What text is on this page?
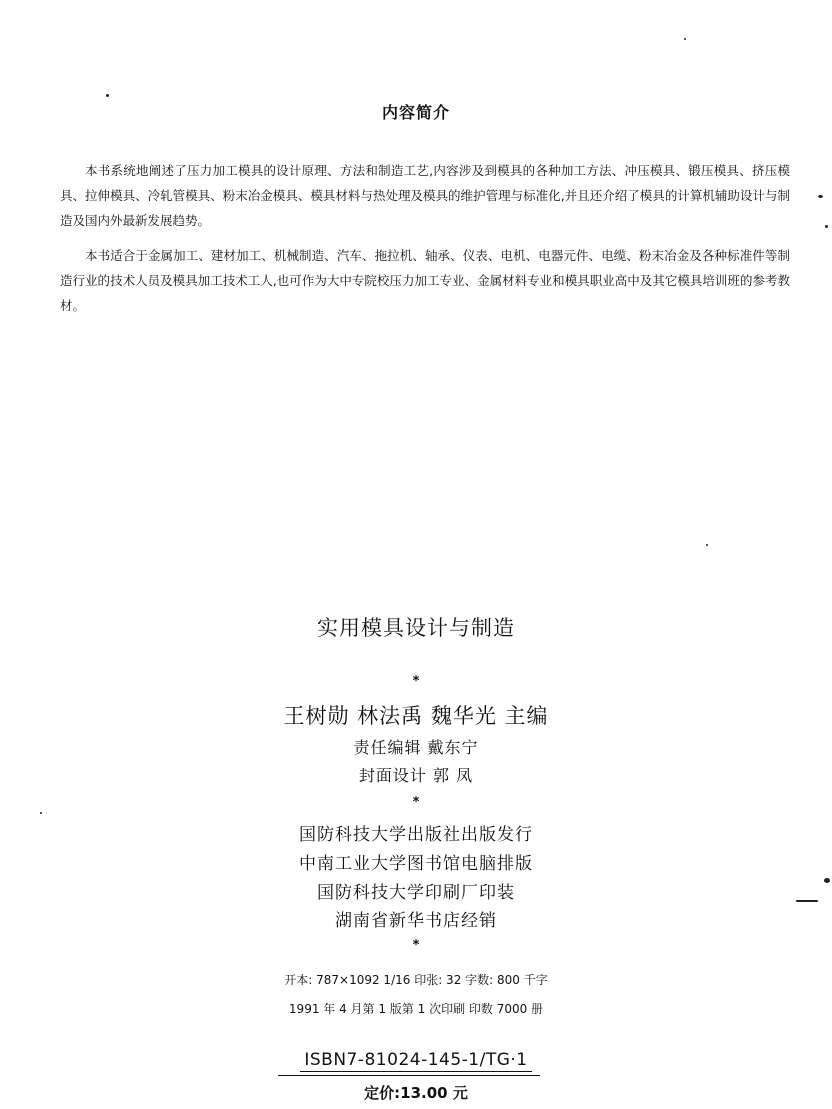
内容简介
本书系统地阐述了压力加工模具的设计原理、方法和制造工艺,内容涉及到模具的各种加工方法、冲压模具、锻压模具、挤压模具、拉伸模具、冷轧管模具、粉末冶金模具、模具材料与热处理及模具的维护管理与标准化,并且还介绍了模具的计算机辅助设计与制造及国内外最新发展趋势。
本书适合于金属加工、建材加工、机械制造、汽车、拖拉机、轴承、仪表、电机、电器元件、电缆、粉末冶金及各种标准件等制造行业的技术人员及模具加工技术工人,也可作为大中专院校压力加工专业、金属材料专业和模具职业高中及其它模具培训班的参考教材。
实用模具设计与制造
*
王树勋 林法禹 魏华光 主编
责任编辑 戴东宁
封面设计 郭 凤
*
国防科技大学出版社出版发行
中南工业大学图书馆电脑排版
国防科技大学印刷厂印装
湖南省新华书店经销
*
开本: 787×1092 1/16 印张: 32 字数: 800 千字
1991 年 4 月第 1 版第 1 次印刷 印数 7000 册
ISBN7-81024-145-1/TG·1
定价:13.00 元
